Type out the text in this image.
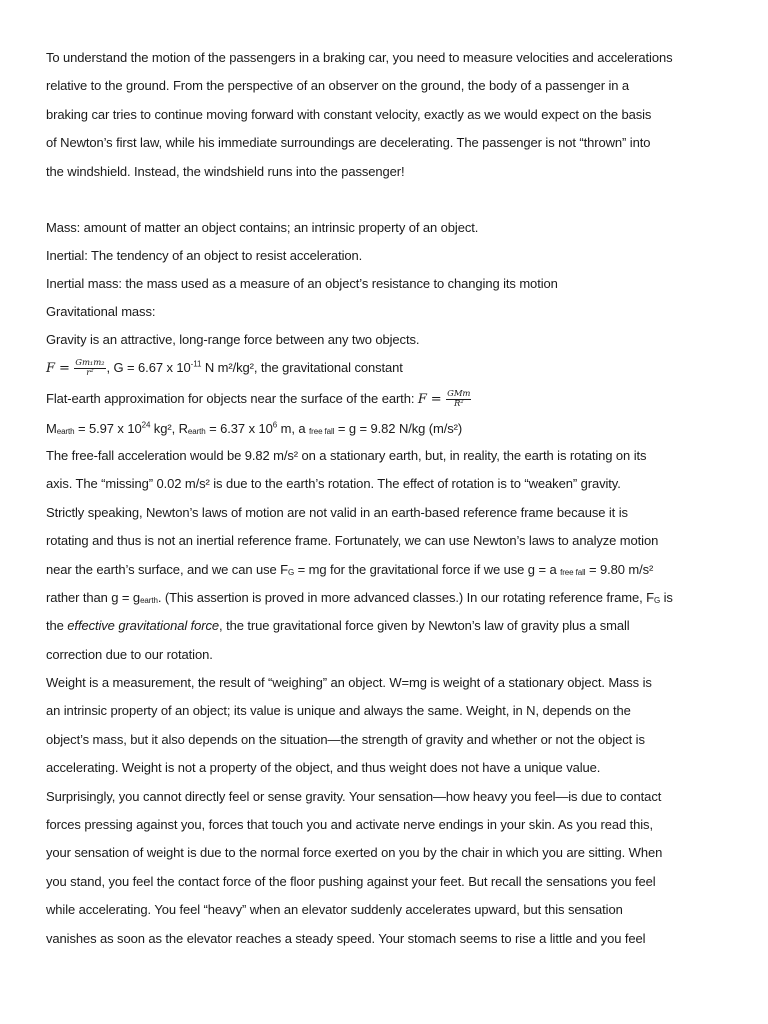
To understand the motion of the passengers in a braking car, you need to measure velocities and accelerations
relative to the ground. From the perspective of an observer on the ground, the body of a passenger in a
braking car tries to continue moving forward with constant velocity, exactly as we would expect on the basis
of Newton’s first law, while his immediate surroundings are decelerating. The passenger is not “thrown” into
the windshield. Instead, the windshield runs into the passenger!
Mass: amount of matter an object contains; an intrinsic property of an object.
Inertial: The tendency of an object to resist acceleration.
Inertial mass: the mass used as a measure of an object’s resistance to changing its motion
Gravitational mass:
Gravity is an attractive, long-range force between any two objects.
$F = \frac{\text{Gm₁m₂}}{\text{r²}}$ , G = 6.67 x $10^{-11}$ N m²/kg², the gravitational constant
Flat-earth approximation for objects near the surface of the earth: $F = \frac{\text{GMm}}{\text{R²}}$
$M_{earth} = 5.97$ x $10^{24}$ kg², $R_{earth} = 6.37$ x $10^6$ m, a $_{free fall}$ = g = 9.82 N/kg (m/s²)
The free-fall acceleration would be 9.82 m/s² on a stationary earth, but, in reality, the earth is rotating on its
axis. The “missing” 0.02 m/s² is due to the earth’s rotation. The effect of rotation is to “weaken” gravity.
Strictly speaking, Newton’s laws of motion are not valid in an earth-based reference frame because it is
rotating and thus is not an inertial reference frame. Fortunately, we can use Newton’s laws to analyze motion
near the earth’s surface, and we can use $F_G$ = mg for the gravitational force if we use g = a $_{free fall}$ = 9.80 m/s²
rather than $g = g_{earth}$. (This assertion is proved in more advanced classes.) In our rotating reference frame, $F_G$ is
the effective gravitational force, the true gravitational force given by Newton’s law of gravity plus a small
correction due to our rotation.
Weight is a measurement, the result of “weighing” an object. W=mg is weight of a stationary object. Mass is
an intrinsic property of an object; its value is unique and always the same. Weight, in N, depends on the
object’s mass, but it also depends on the situation—the strength of gravity and whether or not the object is
accelerating. Weight is not a property of the object, and thus weight does not have a unique value.
Surprisingly, you cannot directly feel or sense gravity. Your sensation—how heavy you feel—is due to contact
forces pressing against you, forces that touch you and activate nerve endings in your skin. As you read this,
your sensation of weight is due to the normal force exerted on you by the chair in which you are sitting. When
you stand, you feel the contact force of the floor pushing against your feet. But recall the sensations you feel
while accelerating. You feel “heavy” when an elevator suddenly accelerates upward, but this sensation
vanishes as soon as the elevator reaches a steady speed. Your stomach seems to rise a little and you feel
